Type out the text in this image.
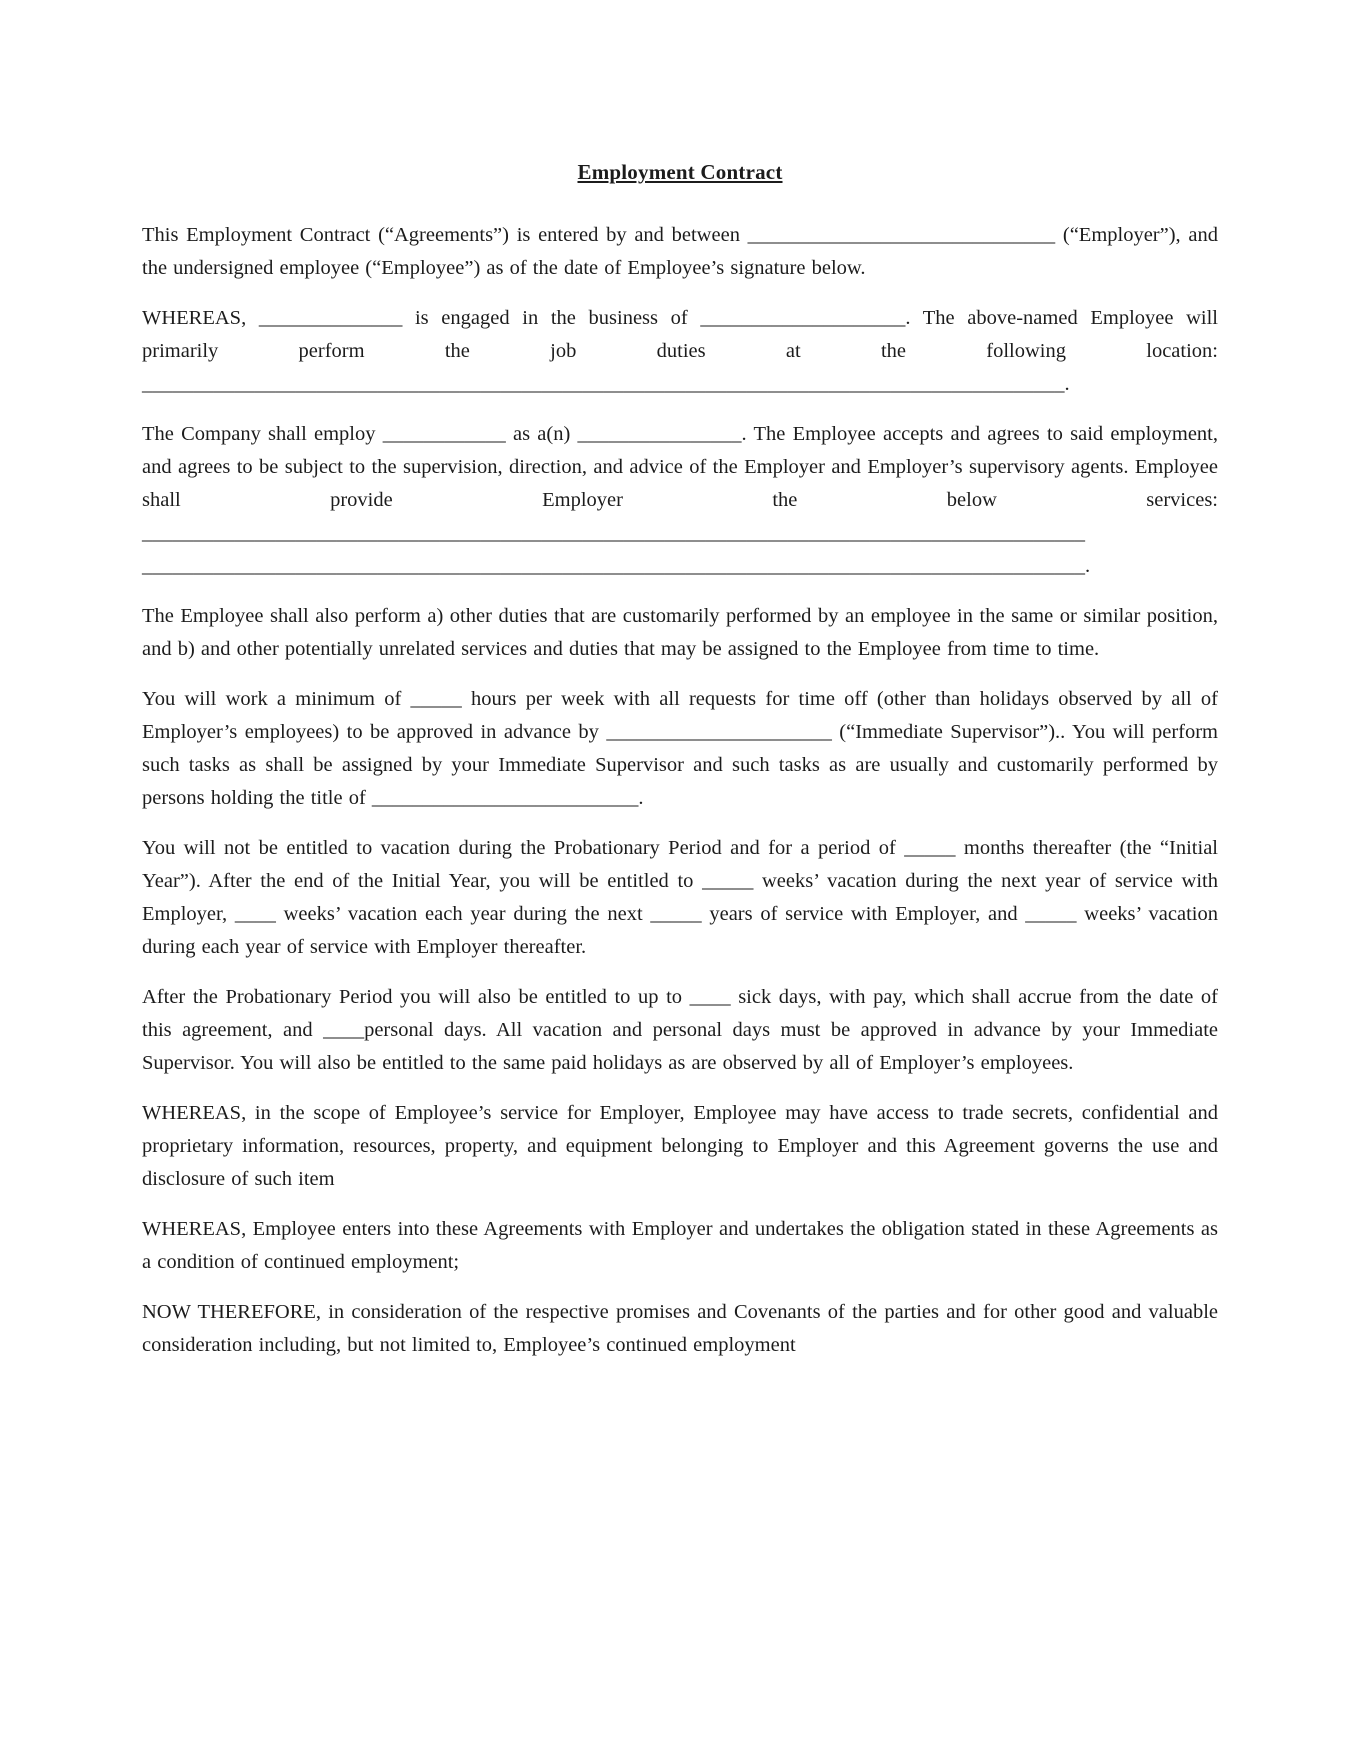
Employment Contract

This Employment Contract (“Agreements”) is entered by and between ______________________________ (“Employer”), and the undersigned employee (“Employee”) as of the date of Employee’s signature below.

WHEREAS, ______________ is engaged in the business of ____________________. The above-named Employee will primarily perform the job duties at the following location: __________________________________________________________________________________________.

The Company shall employ ____________ as a(n) ________________. The Employee accepts and agrees to said employment, and agrees to be subject to the supervision, direction, and advice of the Employer and Employer’s supervisory agents. Employee shall provide Employer the below services: ____________________________________________________________________________________________ ____________________________________________________________________________________________.

The Employee shall also perform a) other duties that are customarily performed by an employee in the same or similar position, and b) and other potentially unrelated services and duties that may be assigned to the Employee from time to time.

You will work a minimum of _____ hours per week with all requests for time off (other than holidays observed by all of Employer’s employees) to be approved in advance by ______________________ (“Immediate Supervisor”).. You will perform such tasks as shall be assigned by your Immediate Supervisor and such tasks as are usually and customarily performed by persons holding the title of __________________________.

You will not be entitled to vacation during the Probationary Period and for a period of _____ months thereafter (the “Initial Year”). After the end of the Initial Year, you will be entitled to _____ weeks’ vacation during the next year of service with Employer, ____ weeks’ vacation each year during the next _____ years of service with Employer, and _____ weeks’ vacation during each year of service with Employer thereafter.

After the Probationary Period you will also be entitled to up to ____ sick days, with pay, which shall accrue from the date of this agreement, and ____personal days. All vacation and personal days must be approved in advance by your Immediate Supervisor. You will also be entitled to the same paid holidays as are observed by all of Employer’s employees.

WHEREAS, in the scope of Employee’s service for Employer, Employee may have access to trade secrets, confidential and proprietary information, resources, property, and equipment belonging to Employer and this Agreement governs the use and disclosure of such item

WHEREAS, Employee enters into these Agreements with Employer and undertakes the obligation stated in these Agreements as a condition of continued employment;

NOW THEREFORE, in consideration of the respective promises and Covenants of the parties and for other good and valuable consideration including, but not limited to, Employee’s continued employment
